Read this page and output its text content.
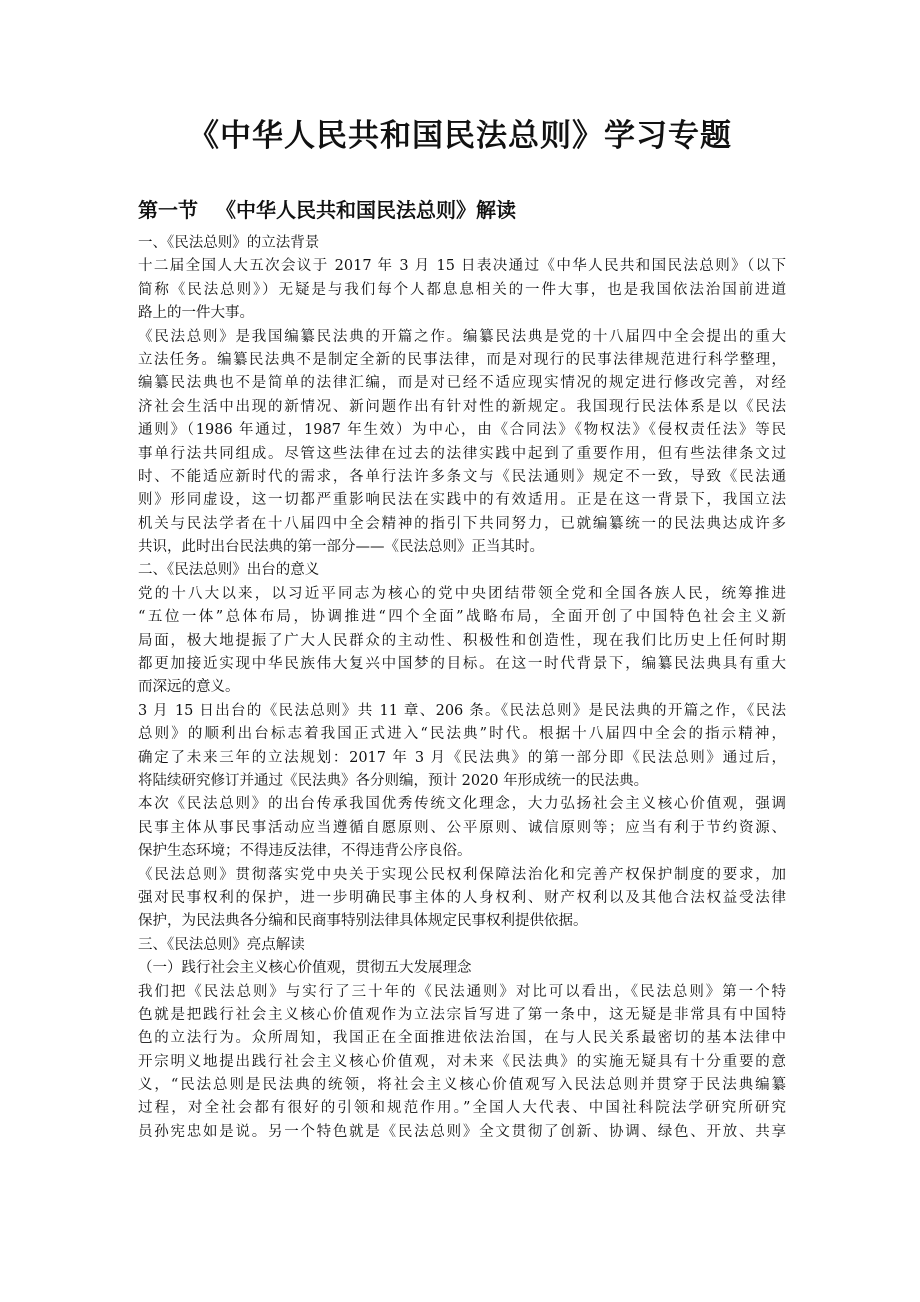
《中华人民共和国民法总则》学习专题
第一节 《中华人民共和国民法总则》解读
一、《民法总则》的立法背景
十二届全国人大五次会议于 2017 年 3 月 15 日表决通过《中华人民共和国民法总则》（以下
简称《民法总则》）无疑是与我们每个人都息息相关的一件大事，也是我国依法治国前进道
路上的一件大事。
《民法总则》是我国编纂民法典的开篇之作。编纂民法典是党的十八届四中全会提出的重大
立法任务。编纂民法典不是制定全新的民事法律，而是对现行的民事法律规范进行科学整理，
编纂民法典也不是简单的法律汇编，而是对已经不适应现实情况的规定进行修改完善，对经
济社会生活中出现的新情况、新问题作出有针对性的新规定。我国现行民法体系是以《民法
通则》（1986 年通过，1987 年生效）为中心，由《合同法》《物权法》《侵权责任法》等民
事单行法共同组成。尽管这些法律在过去的法律实践中起到了重要作用，但有些法律条文过
时、不能适应新时代的需求，各单行法许多条文与《民法通则》规定不一致，导致《民法通
则》形同虚设，这一切都严重影响民法在实践中的有效适用。正是在这一背景下，我国立法
机关与民法学者在十八届四中全会精神的指引下共同努力，已就编纂统一的民法典达成许多
共识，此时出台民法典的第一部分——《民法总则》正当其时。
二、《民法总则》出台的意义
党的十八大以来，以习近平同志为核心的党中央团结带领全党和全国各族人民，统筹推进
“五位一体”总体布局，协调推进“四个全面”战略布局，全面开创了中国特色社会主义新
局面，极大地提振了广大人民群众的主动性、积极性和创造性，现在我们比历史上任何时期
都更加接近实现中华民族伟大复兴中国梦的目标。在这一时代背景下，编纂民法典具有重大
而深远的意义。
3 月 15 日出台的《民法总则》共 11 章、206 条。《民法总则》是民法典的开篇之作，《民法
总则》的顺利出台标志着我国正式进入“民法典”时代。根据十八届四中全会的指示精神，
确定了未来三年的立法规划：2017 年 3 月《民法典》的第一部分即《民法总则》通过后，
将陆续研究修订并通过《民法典》各分则编，预计 2020 年形成统一的民法典。
本次《民法总则》的出台传承我国优秀传统文化理念，大力弘扬社会主义核心价值观，强调
民事主体从事民事活动应当遵循自愿原则、公平原则、诚信原则等；应当有利于节约资源、
保护生态环境；不得违反法律，不得违背公序良俗。
《民法总则》贯彻落实党中央关于实现公民权利保障法治化和完善产权保护制度的要求，加
强对民事权利的保护，进一步明确民事主体的人身权利、财产权利以及其他合法权益受法律
保护，为民法典各分编和民商事特别法律具体规定民事权利提供依据。
三、《民法总则》亮点解读
（一）践行社会主义核心价值观，贯彻五大发展理念
我们把《民法总则》与实行了三十年的《民法通则》对比可以看出，《民法总则》第一个特
色就是把践行社会主义核心价值观作为立法宗旨写进了第一条中，这无疑是非常具有中国特
色的立法行为。众所周知，我国正在全面推进依法治国，在与人民关系最密切的基本法律中
开宗明义地提出践行社会主义核心价值观，对未来《民法典》的实施无疑具有十分重要的意
义，“民法总则是民法典的统领，将社会主义核心价值观写入民法总则并贯穿于民法典编纂
过程，对全社会都有很好的引领和规范作用。”全国人大代表、中国社科院法学研究所研究
员孙宪忠如是说。另一个特色就是《民法总则》全文贯彻了创新、协调、绿色、开放、共享
